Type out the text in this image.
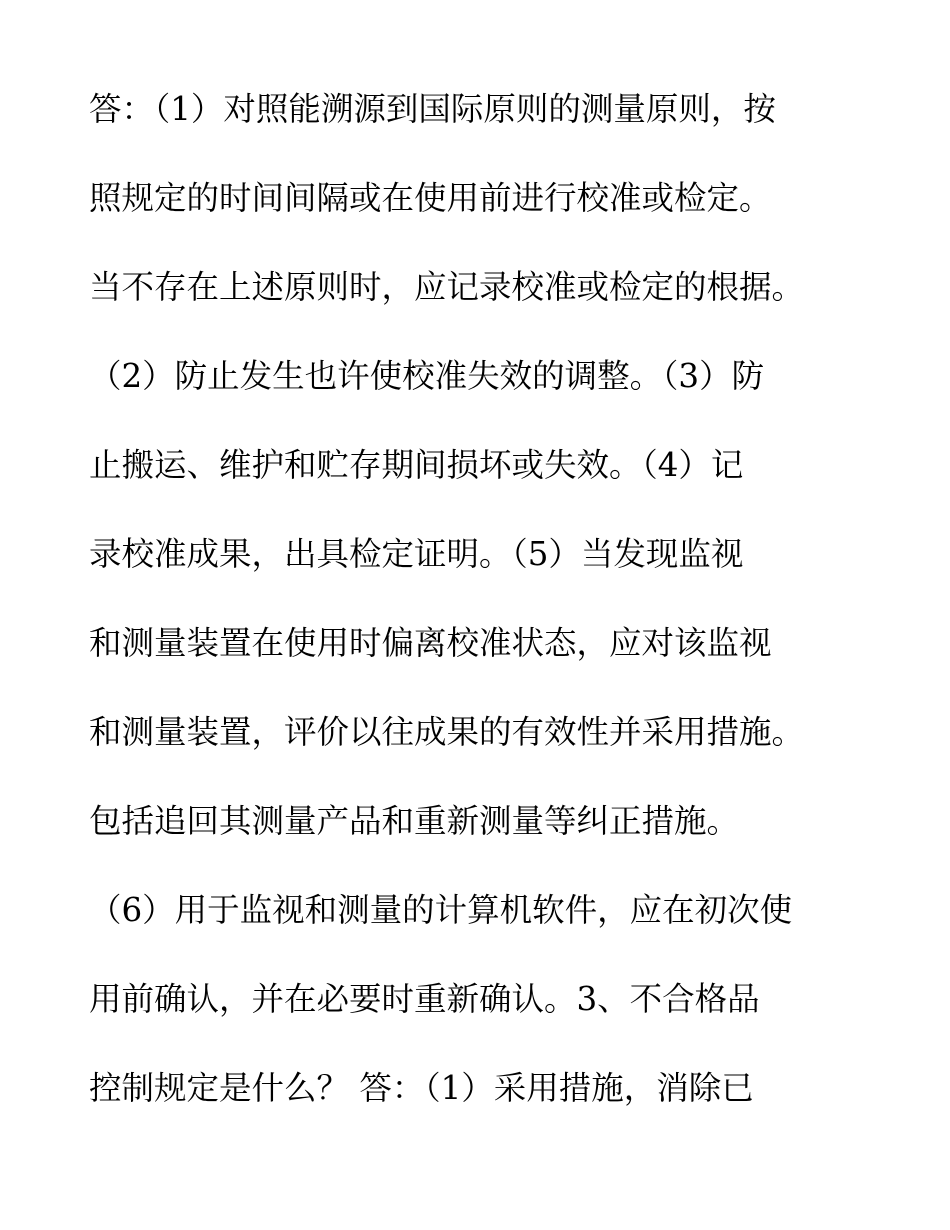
答：（1）对照能溯源到国际原则的测量原则，按
照规定的时间间隔或在使用前进行校准或检定。
当不存在上述原则时，应记录校准或检定的根据。
（2）防止发生也许使校准失效的调整。（3）防
止搬运、维护和贮存期间损坏或失效。（4）记
录校准成果，出具检定证明。（5）当发现监视
和测量装置在使用时偏离校准状态，应对该监视
和测量装置，评价以往成果的有效性并采用措施。
包括追回其测量产品和重新测量等纠正措施。
（6）用于监视和测量的计算机软件，应在初次使
用前确认，并在必要时重新确认。3、不合格品
控制规定是什么？ 答：（1）采用措施，消除已
